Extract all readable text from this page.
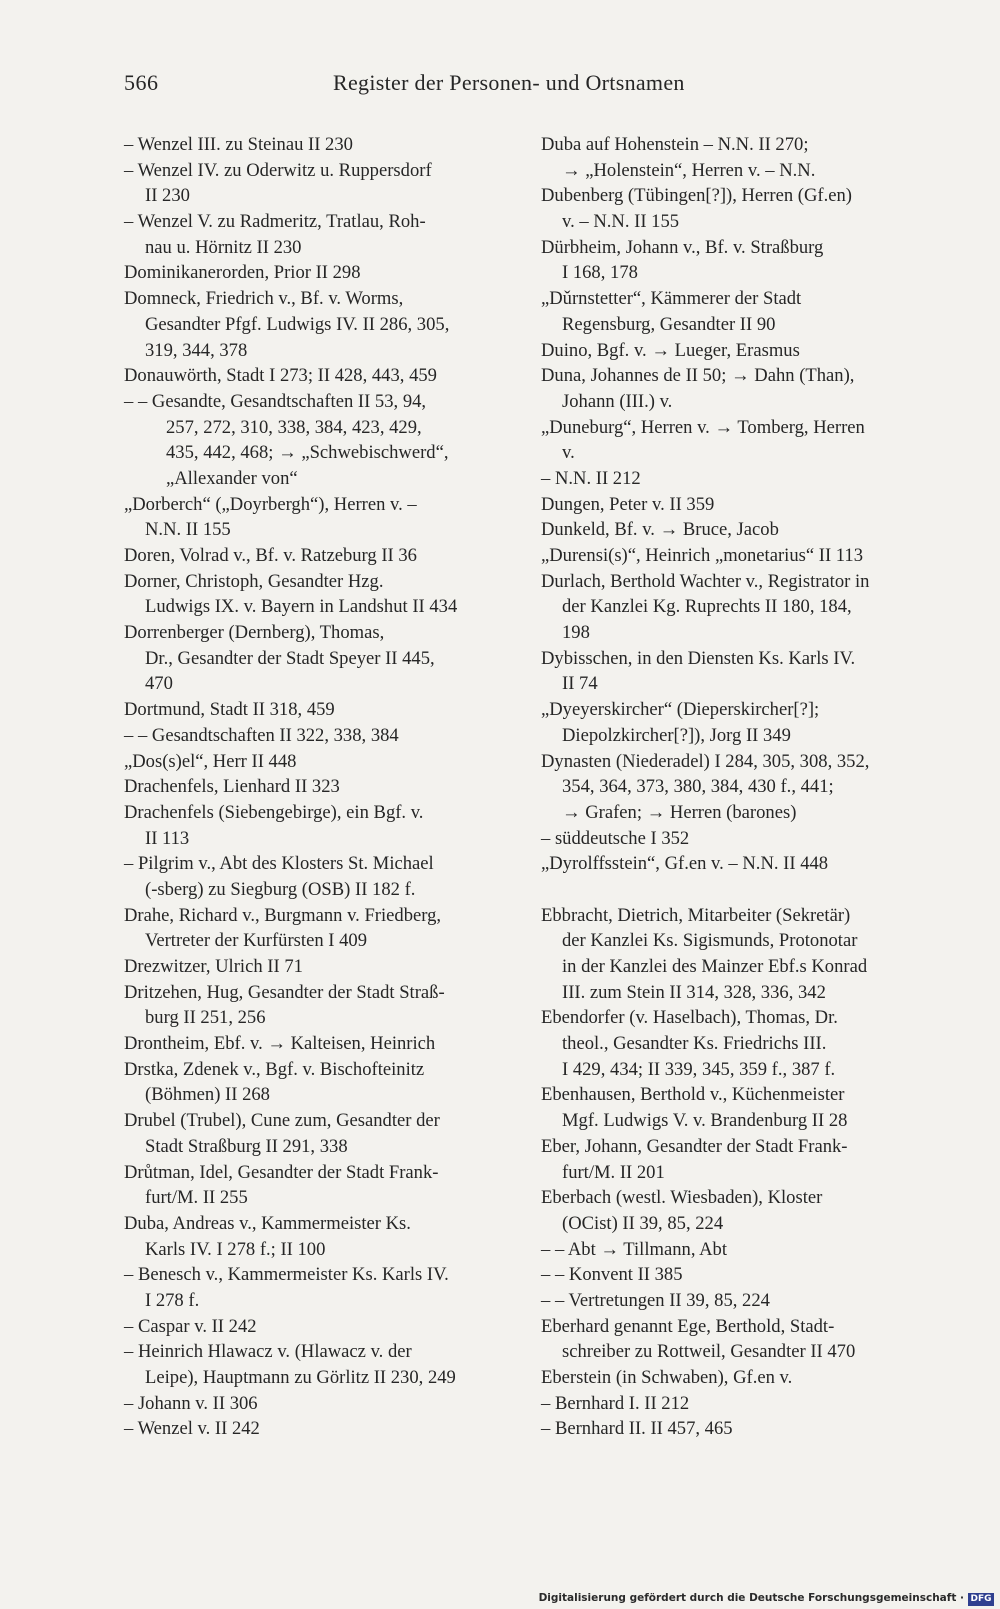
566	Register der Personen- und Ortsnamen
– Wenzel III. zu Steinau II 230
– Wenzel IV. zu Oderwitz u. Ruppersdorf
II 230
– Wenzel V. zu Radmeritz, Tratlau, Roh-
nau u. Hörnitz II 230
Dominikanerorden, Prior II 298
Domneck, Friedrich v., Bf. v. Worms,
Gesandter Pfgf. Ludwigs IV. II 286, 305,
319, 344, 378
Donauwörth, Stadt I 273; II 428, 443, 459
– – Gesandte, Gesandtschaften II 53, 94,
257, 272, 310, 338, 384, 423, 429,
435, 442, 468; → „Schwebischwerd“,
„Allexander von“
„Dorberch“ („Doyrbergh“), Herren v. –
N.N. II 155
Doren, Volrad v., Bf. v. Ratzeburg II 36
Dorner, Christoph, Gesandter Hzg.
Ludwigs IX. v. Bayern in Landshut II 434
Dorrenberger (Dernberg), Thomas,
Dr., Gesandter der Stadt Speyer II 445,
470
Dortmund, Stadt II 318, 459
– – Gesandtschaften II 322, 338, 384
„Dos(s)el“, Herr II 448
Drachenfels, Lienhard II 323
Drachenfels (Siebengebirge), ein Bgf. v.
II 113
– Pilgrim v., Abt des Klosters St. Michael
(-sberg) zu Siegburg (OSB) II 182 f.
Drahe, Richard v., Burgmann v. Friedberg,
Vertreter der Kurfürsten I 409
Drezwitzer, Ulrich II 71
Dritzehen, Hug, Gesandter der Stadt Straß-
burg II 251, 256
Drontheim, Ebf. v. → Kalteisen, Heinrich
Drstka, Zdenek v., Bgf. v. Bischofteinitz
(Böhmen) II 268
Drubel (Trubel), Cune zum, Gesandter der
Stadt Straßburg II 291, 338
Drůtman, Idel, Gesandter der Stadt Frank-
furt/M. II 255
Duba, Andreas v., Kammermeister Ks.
Karls IV. I 278 f.; II 100
– Benesch v., Kammermeister Ks. Karls IV.
I 278 f.
– Caspar v. II 242
– Heinrich Hlawacz v. (Hlawacz v. der
Leipe), Hauptmann zu Görlitz II 230, 249
– Johann v. II 306
– Wenzel v. II 242
Duba auf Hohenstein – N.N. II 270;
→ „Holenstein“, Herren v. – N.N.
Dubenberg (Tübingen[?]), Herren (Gf.en)
v. – N.N. II 155
Dürbheim, Johann v., Bf. v. Straßburg
I 168, 178
„Dǔrnstetter“, Kämmerer der Stadt
Regensburg, Gesandter II 90
Duino, Bgf. v. → Lueger, Erasmus
Duna, Johannes de II 50; → Dahn (Than),
Johann (III.) v.
„Duneburg“, Herren v. → Tomberg, Herren
v.
– N.N. II 212
Dungen, Peter v. II 359
Dunkeld, Bf. v. → Bruce, Jacob
„Durensi(s)“, Heinrich „monetarius“ II 113
Durlach, Berthold Wachter v., Registrator in
der Kanzlei Kg. Ruprechts II 180, 184,
198
Dybisschen, in den Diensten Ks. Karls IV.
II 74
„Dyeyerskircher“ (Dieperskircher[?];
Diepolzkircher[?]), Jorg II 349
Dynasten (Niederadel) I 284, 305, 308, 352,
354, 364, 373, 380, 384, 430 f., 441;
→ Grafen; → Herren (barones)
– süddeutsche I 352
„Dyrolffsstein“, Gf.en v. – N.N. II 448
Ebbracht, Dietrich, Mitarbeiter (Sekretär)
der Kanzlei Ks. Sigismunds, Protonotar
in der Kanzlei des Mainzer Ebf.s Konrad
III. zum Stein II 314, 328, 336, 342
Ebendorfer (v. Haselbach), Thomas, Dr.
theol., Gesandter Ks. Friedrichs III.
I 429, 434; II 339, 345, 359 f., 387 f.
Ebenhausen, Berthold v., Küchenmeister
Mgf. Ludwigs V. v. Brandenburg II 28
Eber, Johann, Gesandter der Stadt Frank-
furt/M. II 201
Eberbach (westl. Wiesbaden), Kloster
(OCist) II 39, 85, 224
– – Abt → Tillmann, Abt
– – Konvent II 385
– – Vertretungen II 39, 85, 224
Eberhard genannt Ege, Berthold, Stadt-
schreiber zu Rottweil, Gesandter II 470
Eberstein (in Schwaben), Gf.en v.
– Bernhard I. II 212
– Bernhard II. II 457, 465
Digitalisierung gefördert durch die Deutsche Forschungsgemeinschaft · DFG
